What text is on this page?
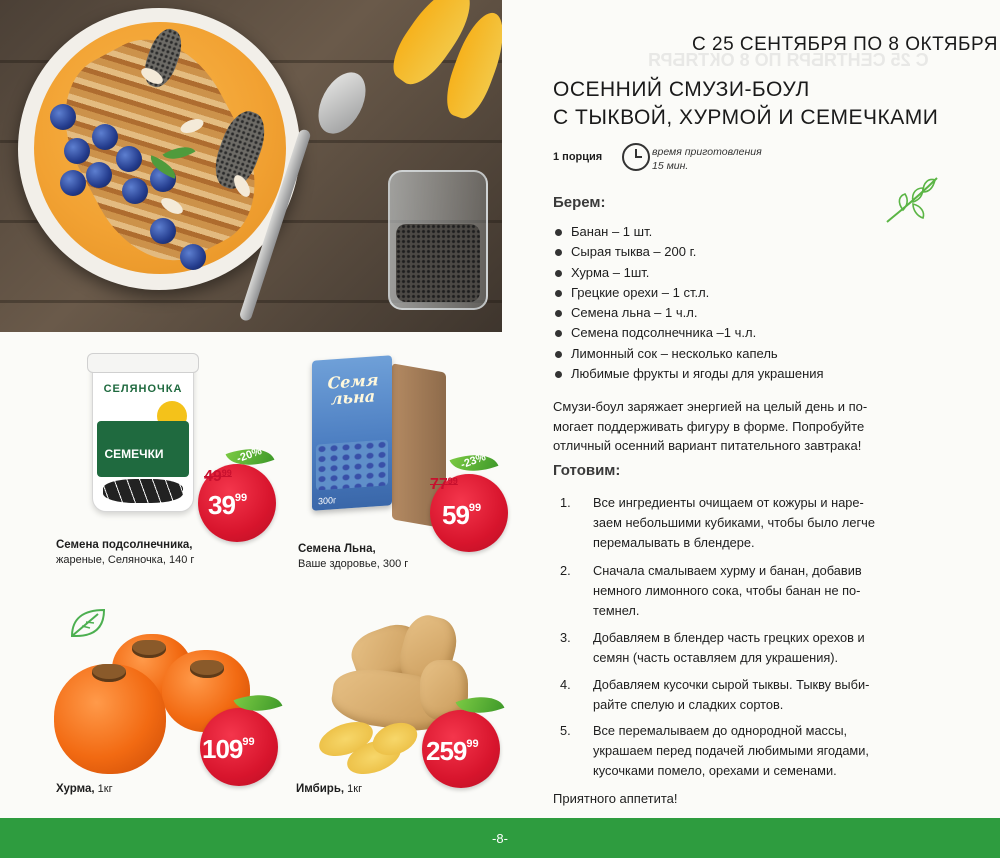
СЕЛЯНОЧКА
СЕМЕЧКИ	-20%
$49^{99}$
$39^{99}$
Семена подсолнечника,
жареные, Селяночка, 140 г
Семя льна
300г
-23%
$77^{99}$
$59^{99}$
Семена Льна,
Ваше здоровье, 300 г
$109^{99}$
Хурма, 1кг
$259^{99}$
Имбирь, 1кг
С 25 СЕНТЯБРЯ ПО 8 ОКТЯБРЯ
С 25 СЕНТЯБРЯ ПО 8 ОКТЯБРЯ
ОСЕННИЙ СМУЗИ-БОУЛ
С ТЫКВОЙ, ХУРМОЙ И СЕМЕЧКАМИ
1 порция	время приготовления
15 мин.
Берем:
Банан – 1 шт.
Сырая тыква – 200 г.
Хурма – 1шт.
Грецкие орехи – 1 ст.л.
Семена льна – 1 ч.л.
Семена подсолнечника –1 ч.л.
Лимонный сок – несколько капель
Любимые фрукты и ягоды для украшения
Смузи-боул заряжает энергией на целый день и по-
могает поддерживать фигуру в форме. Попробуйте
отличный осенний вариант питательного завтрака!
Готовим:
1.	Все ингредиенты очищаем от кожуры и наре-
заем небольшими кубиками, чтобы было легче
перемалывать в блендере.
2.	Сначала смалываем хурму и банан, добавив
немного лимонного сока, чтобы банан не по-
темнел.
3.	Добавляем в блендер часть грецких орехов и
семян (часть оставляем для украшения).
4.	Добавляем кусочки сырой тыквы. Тыкву выби-
райте спелую и сладких сортов.
5.	Все перемалываем до однородной массы,
украшаем перед подачей любимыми ягодами,
кусочками помело, орехами и семенами.
Приятного аппетита!
-8-
